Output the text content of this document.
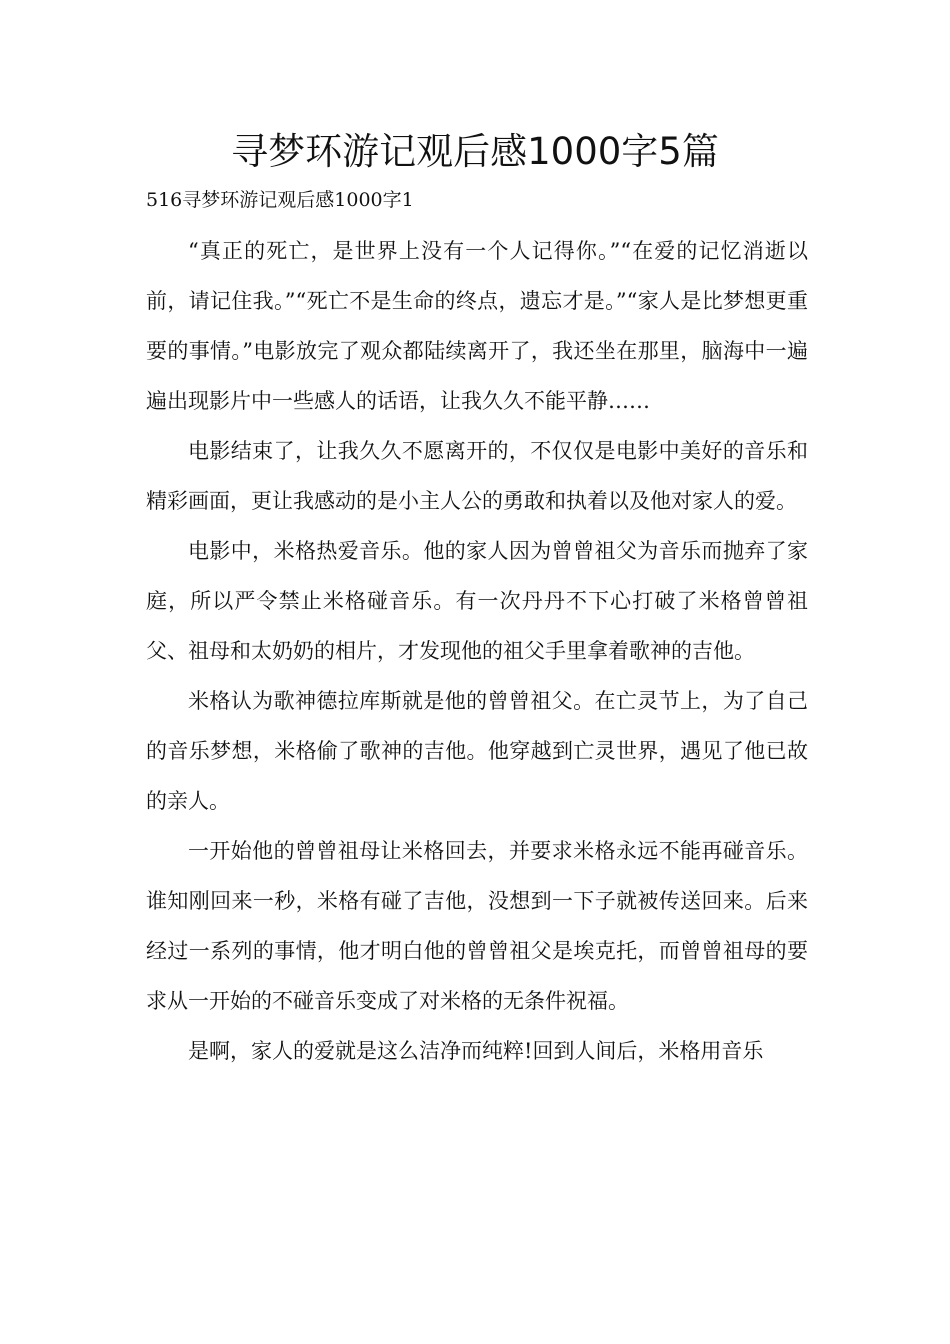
寻梦环游记观后感1000字5篇
516寻梦环游记观后感1000字1

“真正的死亡，是世界上没有一个人记得你。”“在爱的记忆消逝以前，请记住我。”“死亡不是生命的终点，遗忘才是。”“家人是比梦想更重要的事情。”电影放完了观众都陆续离开了，我还坐在那里，脑海中一遍遍出现影片中一些感人的话语，让我久久不能平静……

电影结束了，让我久久不愿离开的，不仅仅是电影中美好的音乐和精彩画面，更让我感动的是小主人公的勇敢和执着以及他对家人的爱。

电影中，米格热爱音乐。他的家人因为曾曾祖父为音乐而抛弃了家庭，所以严令禁止米格碰音乐。有一次丹丹不下心打破了米格曾曾祖父、祖母和太奶奶的相片，才发现他的祖父手里拿着歌神的吉他。

米格认为歌神德拉库斯就是他的曾曾祖父。在亡灵节上，为了自己的音乐梦想，米格偷了歌神的吉他。他穿越到亡灵世界，遇见了他已故的亲人。

一开始他的曾曾祖母让米格回去，并要求米格永远不能再碰音乐。谁知刚回来一秒，米格有碰了吉他，没想到一下子就被传送回来。后来经过一系列的事情，他才明白他的曾曾祖父是埃克托，而曾曾祖母的要求从一开始的不碰音乐变成了对米格的无条件祝福。

是啊，家人的爱就是这么洁净而纯粹!回到人间后，米格用音乐
